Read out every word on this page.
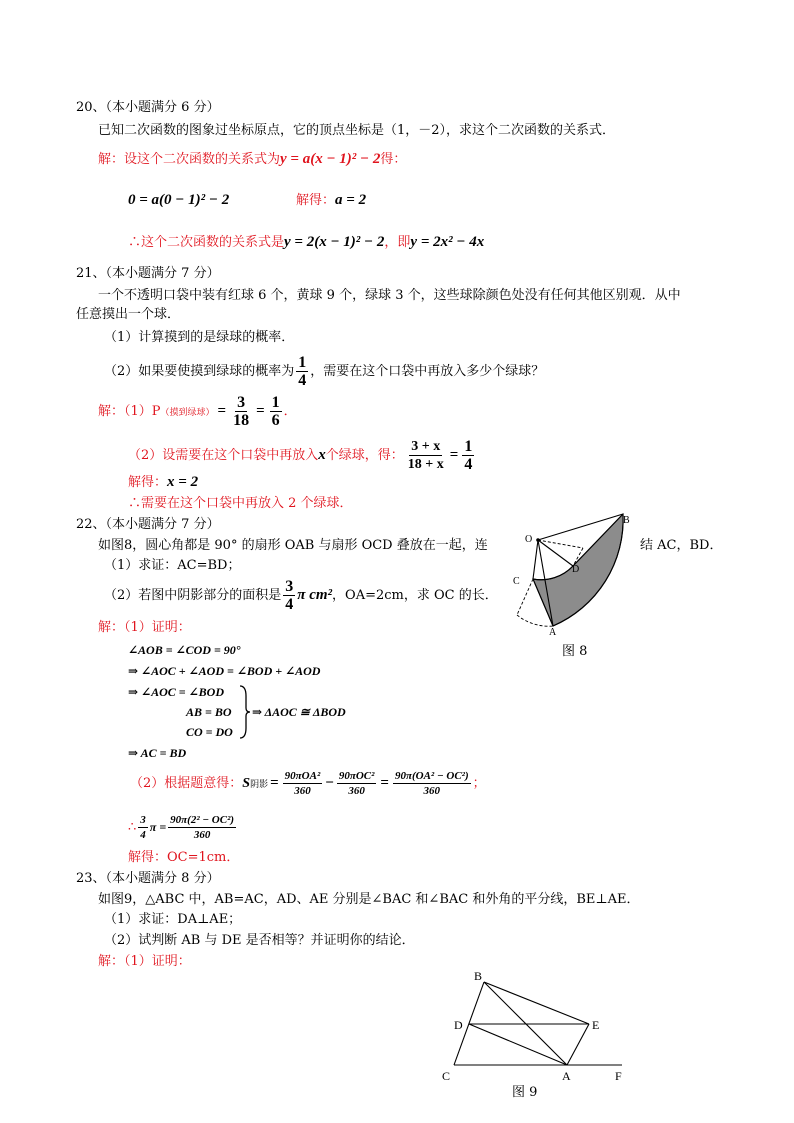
20、（本小题满分 6 分）
已知二次函数的图象过坐标原点，它的顶点坐标是（1，－2），求这个二次函数的关系式．
解：设这个二次函数的关系式为y = a(x − 1)² − 2得：
0 = a(0 − 1)² − 2	解得：a = 2
∴这个二次函数的关系式是y = 2(x − 1)² − 2，即y = 2x² − 4x
21、（本小题满分 7 分）
一个不透明口袋中装有红球 6 个，黄球 9 个，绿球 3 个，这些球除颜色处没有任何其他区别观．从中
任意摸出一个球．
（1）计算摸到的是绿球的概率．
（2）如果要使摸到绿球的概率为 $\frac{1}{4}$ ，需要在这个口袋中再放入多少个绿球？
解：（1）P（摸到绿球） = $\frac{3}{18} = \frac{1}{6}$ ．
（2）设需要在这个口袋中再放入x个绿球，得： $\frac{3 + x}{18 + x} = \frac{1}{4}$
解得：x = 2
∴需要在这个口袋中再放入 2 个绿球．
22、（本小题满分 7 分）
如图8，圆心角都是 90° 的扇形 OAB 与扇形 OCD 叠放在一起，连	结 AC，BD．
（1）求证：AC=BD；
（2）若图中阴影部分的面积是 $\frac{3}{4}$ π cm²，OA=2cm，求 OC 的长．
O
B
D
C
A
图 8
解：（1）证明：
∠AOB = ∠COD = 90°
⇒ ∠AOC + ∠AOD = ∠BOD + ∠AOD
⇒ ∠AOC = ∠BOD
AB = BO
CO = DO
⇒ ΔAOC ≅ ΔBOD
⇒ AC = BD
（2）根据题意得：S阴影 = $\frac{\text{90πOA²}}{360} - \frac{\text{90πOC²}}{360} = \frac{\text{90π(OA² − OC²)}}{360}$ ；
∴ $\frac{3}{4}$ $\pi = \frac{\text{90π(2² − OC²)}}{360}$
解得：OC=1cm．
23、（本小题满分 8 分）
如图9，△ABC 中，AB=AC，AD、AE 分别是∠BAC 和∠BAC 和外角的平分线，BE⊥AE．
（1）求证：DA⊥AE；
（2）试判断 AB 与 DE 是否相等？并证明你的结论．
解：（1）证明：
B
D	E
C	A	F
图 9
